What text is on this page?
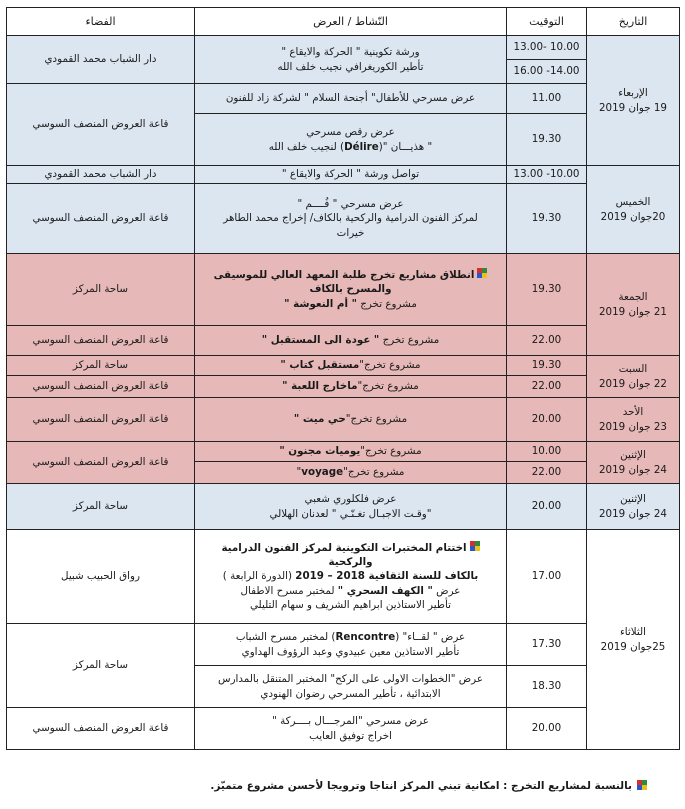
التاريخ	التوقيت	النّشاط / العرض	الفضاء
الإربعاء
19 جوان 2019	10.00 -13.00	ورشة تكوينية " الحركة والايقاع "
تأطير الكوريغرافي نجيب خلف الله	دار الشباب محمد القمودي
	14.00- 16.00		
	11.00	عرض مسرحي للأطفال" أجنحة السلام " لشركة زاد للفنون	قاعة العروض المنصف السوسي
	19.30	عرض رقص مسرحي
" هذيـــان "(Délire) لنجيب خلف الله	
الخميس
20جوان 2019	10.00- 13.00	تواصل ورشة " الحركة والايقاع "	دار الشباب محمد القمودي
	19.30	عرض مسرحي " فُــــم "
لمركز الفنون الدرامية والركحية بالكاف/ إخراج محمد الطاهر
خيرات	قاعة العروض المنصف السوسي
الجمعة
21 جوان 2019	19.30	انطلاق مشاريع تخرج طلبة المعهد العالي للموسيقى
والمسرح بالكاف
مشروع تخرج " أم النعوشة "	ساحة المركز
	22.00	مشروع تخرج " عودة الى المستقبل "	قاعة العروض المنصف السوسي
السبت
22 جوان 2019	19.30	مشروع تخرج"مستقبل كتاب "	ساحة المركز
	22.00	مشروع تخرج"ماخارج اللعبة "	قاعة العروض المنصف السوسي
الأحد
23 جوان 2019	20.00	مشروع تخرج"حي ميت "	قاعة العروض المنصف السوسي
الإثنين
24 جوان 2019	10.00	مشروع تخرج"يوميات مجنون "	قاعة العروض المنصف السوسي
	22.00	مشروع تخرج"voyage"	
الإثنين
24 جوان 2019	20.00	عرض فلكلوري شعبي
"وقـت الاجبـال تغـنّـي " لعدنان الهلالي	ساحة المركز
الثلاثاء
25جوان 2019	17.00	اختتام المختبرات التكوينية لمركز الفنون الدرامية والركحية
بالكاف للسنة الثقافية 2018 – 2019 (الدورة الرابعة )
عرض " الكهف السحري " لمختبر مسرح الاطفال
تأطير الاستاذين ابراهيم الشريف و سهام التليلي	رواق الحبيب شبيل
	17.30	عرض " لقــاء" (Rencontre) لمختبر مسرح الشباب
تأطير الاستاذين معين عبيدوي وعبد الرؤوف الهداوي	ساحة المركز
	18.30	عرض "الخطوات الاولى على الركح" المختبر المتنقل بالمدارس
الابتدائية ، تأطير المسرحي رضوان الهنودي	
	20.00	عرض مسرحي "المرجـــال بــــركة "
اخراج توفيق العايب	قاعة العروض المنصف السوسي
بالنسبة لمشاريع التخرج : امكانية تبني المركز انتاجا وترويجا لأحسن مشروع متميّز.
